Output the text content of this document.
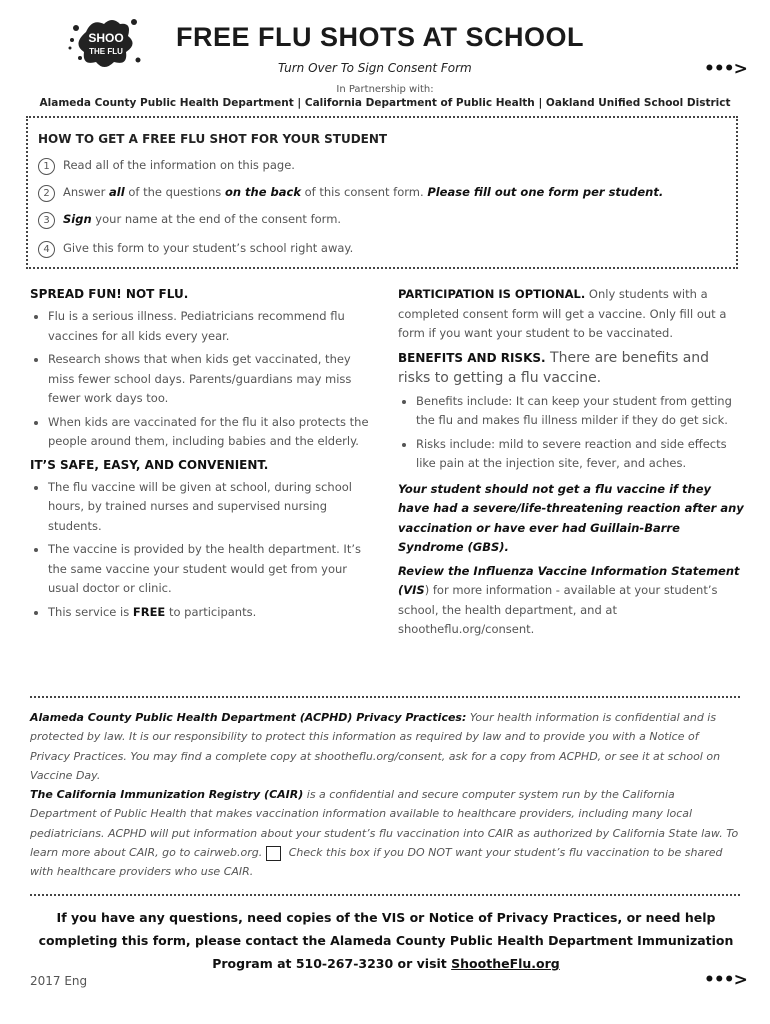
SHOO
THE FLU FREE FLU SHOTS AT SCHOOL
Turn Over To Sign Consent Form	•••>
In Partnership with:
Alameda County Public Health Department | California Department of Public Health | Oakland Unified School District
HOW TO GET A FREE FLU SHOT FOR YOUR STUDENT
1 Read all of the information on this page.
2 Answer all of the questions on the back of this consent form. Please fill out one form per student.
3 Sign your name at the end of the consent form.
4 Give this form to your student’s school right away.
SPREAD FUN! NOT FLU.
• Flu is a serious illness. Pediatricians recommend flu vaccines for all kids every year.
• Research shows that when kids get vaccinated, they miss fewer school days. Parents/guardians may miss fewer work days too.
• When kids are vaccinated for the flu it also protects the people around them, including babies and the elderly.
IT’S SAFE, EASY, AND CONVENIENT.
• The flu vaccine will be given at school, during school hours, by trained nurses and supervised nursing students.
• The vaccine is provided by the health department. It’s the same vaccine your student would get from your usual doctor or clinic.
• This service is FREE to participants.

PARTICIPATION IS OPTIONAL. Only students with a completed consent form will get a vaccine. Only fill out a form if you want your student to be vaccinated.

BENEFITS AND RISKS. There are benefits and risks to getting a flu vaccine.

• Benefits include: It can keep your student from getting the flu and makes flu illness milder if they do get sick.
• Risks include: mild to severe reaction and side effects like pain at the injection site, fever, and aches.

Your student should not get a flu vaccine if they have had a severe/life-threatening reaction after any vaccination or have ever had Guillain-Barre Syndrome (GBS).

Review the Influenza Vaccine Information Statement (VIS) for more information - available at your student’s school, the health department, and at shootheflu.org/consent.

Alameda County Public Health Department (ACPHD) Privacy Practices: Your health information is confidential and is protected by law. It is our responsibility to protect this information as required by law and to provide you with a Notice of Privacy Practices. You may find a complete copy at shootheflu.org/consent, ask for a copy from ACPHD, or see it at school on Vaccine Day.
The California Immunization Registry (CAIR) is a confidential and secure computer system run by the California Department of Public Health that makes vaccination information available to healthcare providers, including many local pediatricians. ACPHD will put information about your student’s flu vaccination into CAIR as authorized by California State law. To learn more about CAIR, go to cairweb.org. Check this box if you DO NOT want your student’s flu vaccination to be shared with healthcare providers who use CAIR.
If you have any questions, need copies of the VIS or Notice of Privacy Practices, or need help completing this form, please contact the Alameda County Public Health Department Immunization Program at 510-267-3230 or visit ShootheFlu.org
2017 Eng	•••>
